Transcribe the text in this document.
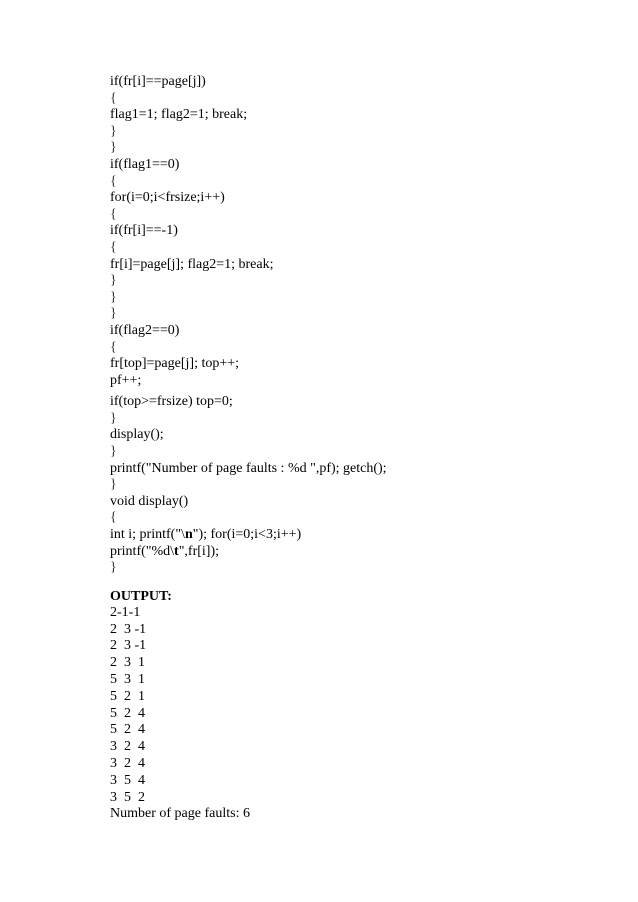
if(fr[i]==page[j])
{
flag1=1; flag2=1; break;
}
}
if(flag1==0)
{
for(i=0;i<frsize;i++)
{
if(fr[i]==-1)
{
fr[i]=page[j]; flag2=1; break;
}
}
}
if(flag2==0)
{
fr[top]=page[j]; top++;
pf++;
if(top>=frsize) top=0;
}
display();
}
printf("Number of page faults : %d ",pf); getch();
}
void display()
{
int i; printf("\n"); for(i=0;i<3;i++)
printf("%d\t",fr[i]);
}
OUTPUT:
2-1-1
2  3 -1
2  3 -1
2  3  1
5  3  1
5  2  1
5  2  4
5  2  4
3  2  4
3  2  4
3  5  4
3  5  2
Number of page faults: 6
